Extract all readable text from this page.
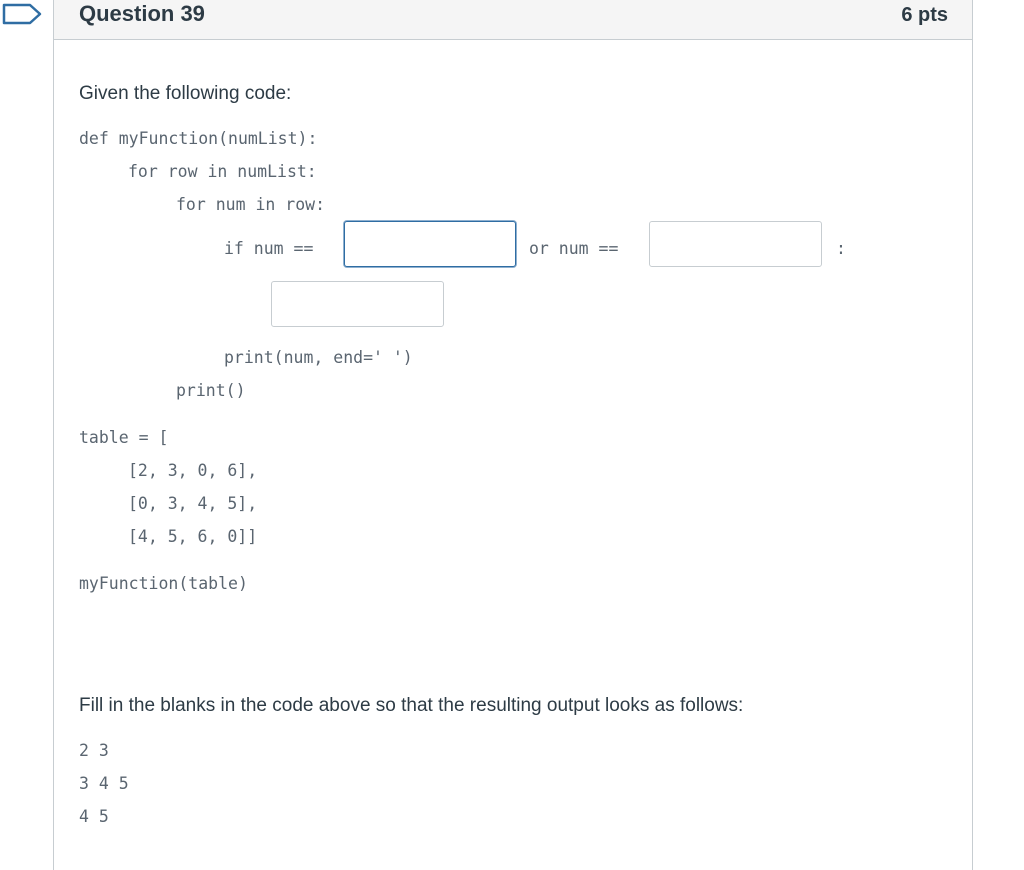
Question 39	6 pts
Given the following code:
def myFunction(numList):
for row in numList:
for num in row:
if num ==	or num ==	:
print(num, end=' ')
print()
table = [
[2, 3, 0, 6],
[0, 3, 4, 5],
[4, 5, 6, 0]]
myFunction(table)
Fill in the blanks in the code above so that the resulting output looks as follows:
2 3
3 4 5
4 5
